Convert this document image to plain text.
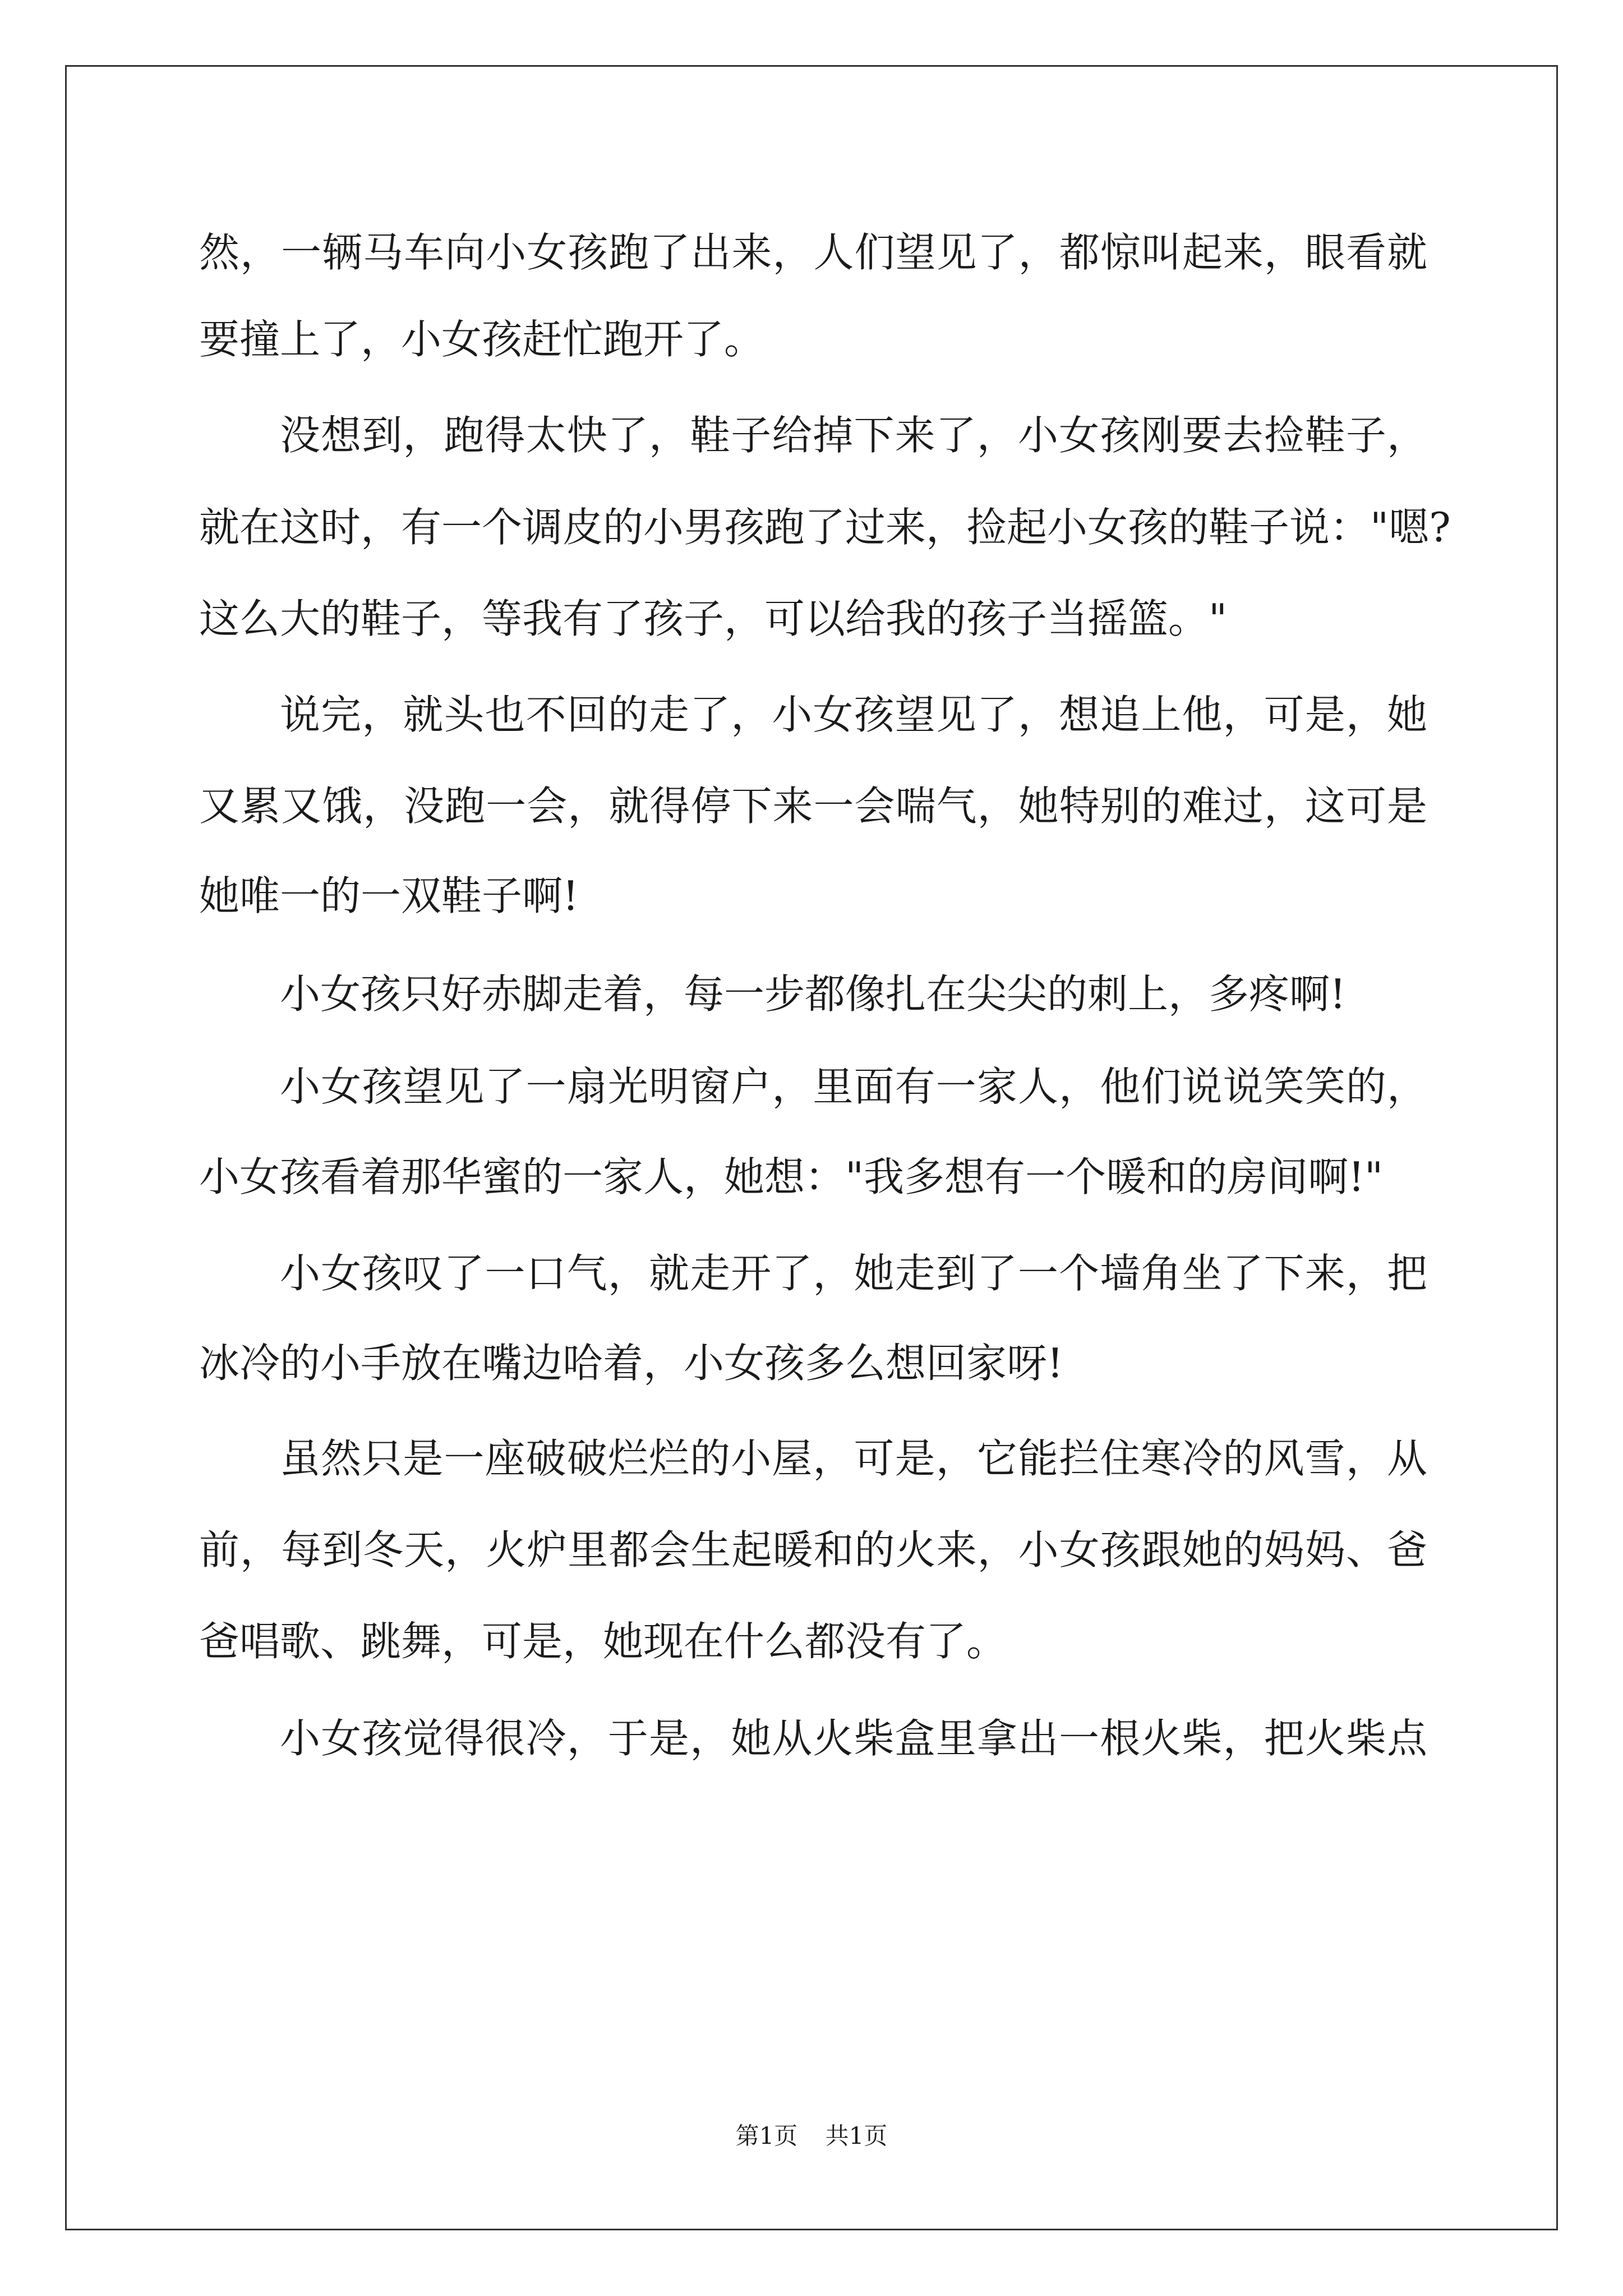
然，一辆马车向小女孩跑了出来，人们望见了，都惊叫起来，眼看就

要撞上了，小女孩赶忙跑开了。

没想到，跑得太快了，鞋子给掉下来了，小女孩刚要去捡鞋子，

就在这时，有一个调皮的小男孩跑了过来，捡起小女孩的鞋子说："嗯?

这么大的鞋子，等我有了孩子，可以给我的孩子当摇篮。"

说完，就头也不回的走了，小女孩望见了，想追上他，可是，她

又累又饿，没跑一会，就得停下来一会喘气，她特别的难过，这可是

她唯一的一双鞋子啊!

小女孩只好赤脚走着，每一步都像扎在尖尖的刺上，多疼啊!

小女孩望见了一扇光明窗户，里面有一家人，他们说说笑笑的，

小女孩看着那华蜜的一家人，她想："我多想有一个暖和的房间啊!"

小女孩叹了一口气，就走开了，她走到了一个墙角坐了下来，把

冰冷的小手放在嘴边哈着，小女孩多么想回家呀!

虽然只是一座破破烂烂的小屋，可是，它能拦住寒冷的风雪，从

前，每到冬天，火炉里都会生起暖和的火来，小女孩跟她的妈妈、爸

爸唱歌、跳舞，可是，她现在什么都没有了。

小女孩觉得很冷，于是，她从火柴盒里拿出一根火柴，把火柴点

第1页 共1页
